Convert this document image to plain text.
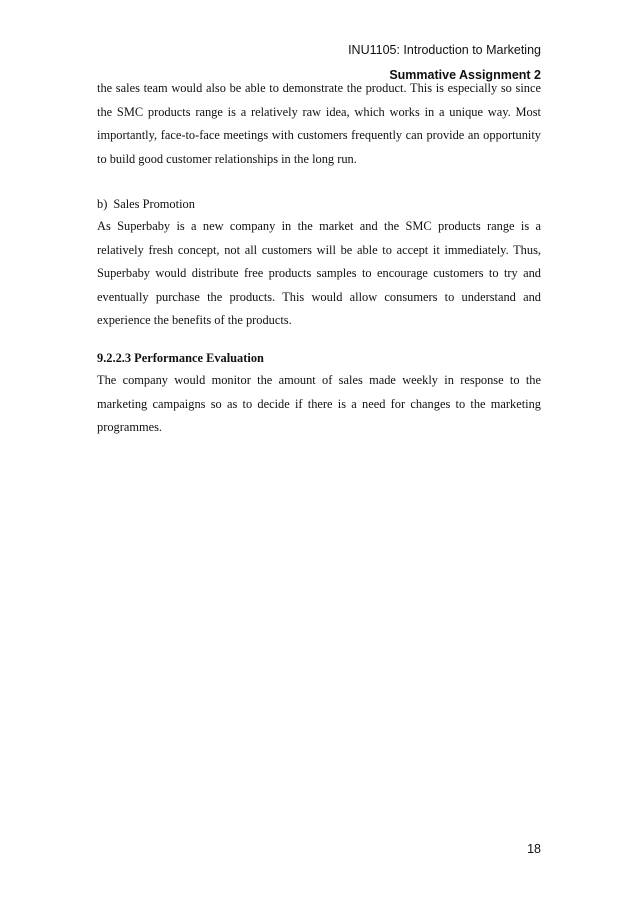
INU1105: Introduction to Marketing
Summative Assignment 2

the sales team would also be able to demonstrate the product. This is especially so since the SMC products range is a relatively raw idea, which works in a unique way. Most importantly, face-to-face meetings with customers frequently can provide an opportunity to build good customer relationships in the long run.

b) Sales Promotion

As Superbaby is a new company in the market and the SMC products range is a relatively fresh concept, not all customers will be able to accept it immediately. Thus, Superbaby would distribute free products samples to encourage customers to try and eventually purchase the products. This would allow consumers to understand and experience the benefits of the products.

9.2.2.3 Performance Evaluation

The company would monitor the amount of sales made weekly in response to the marketing campaigns so as to decide if there is a need for changes to the marketing programmes.

18
